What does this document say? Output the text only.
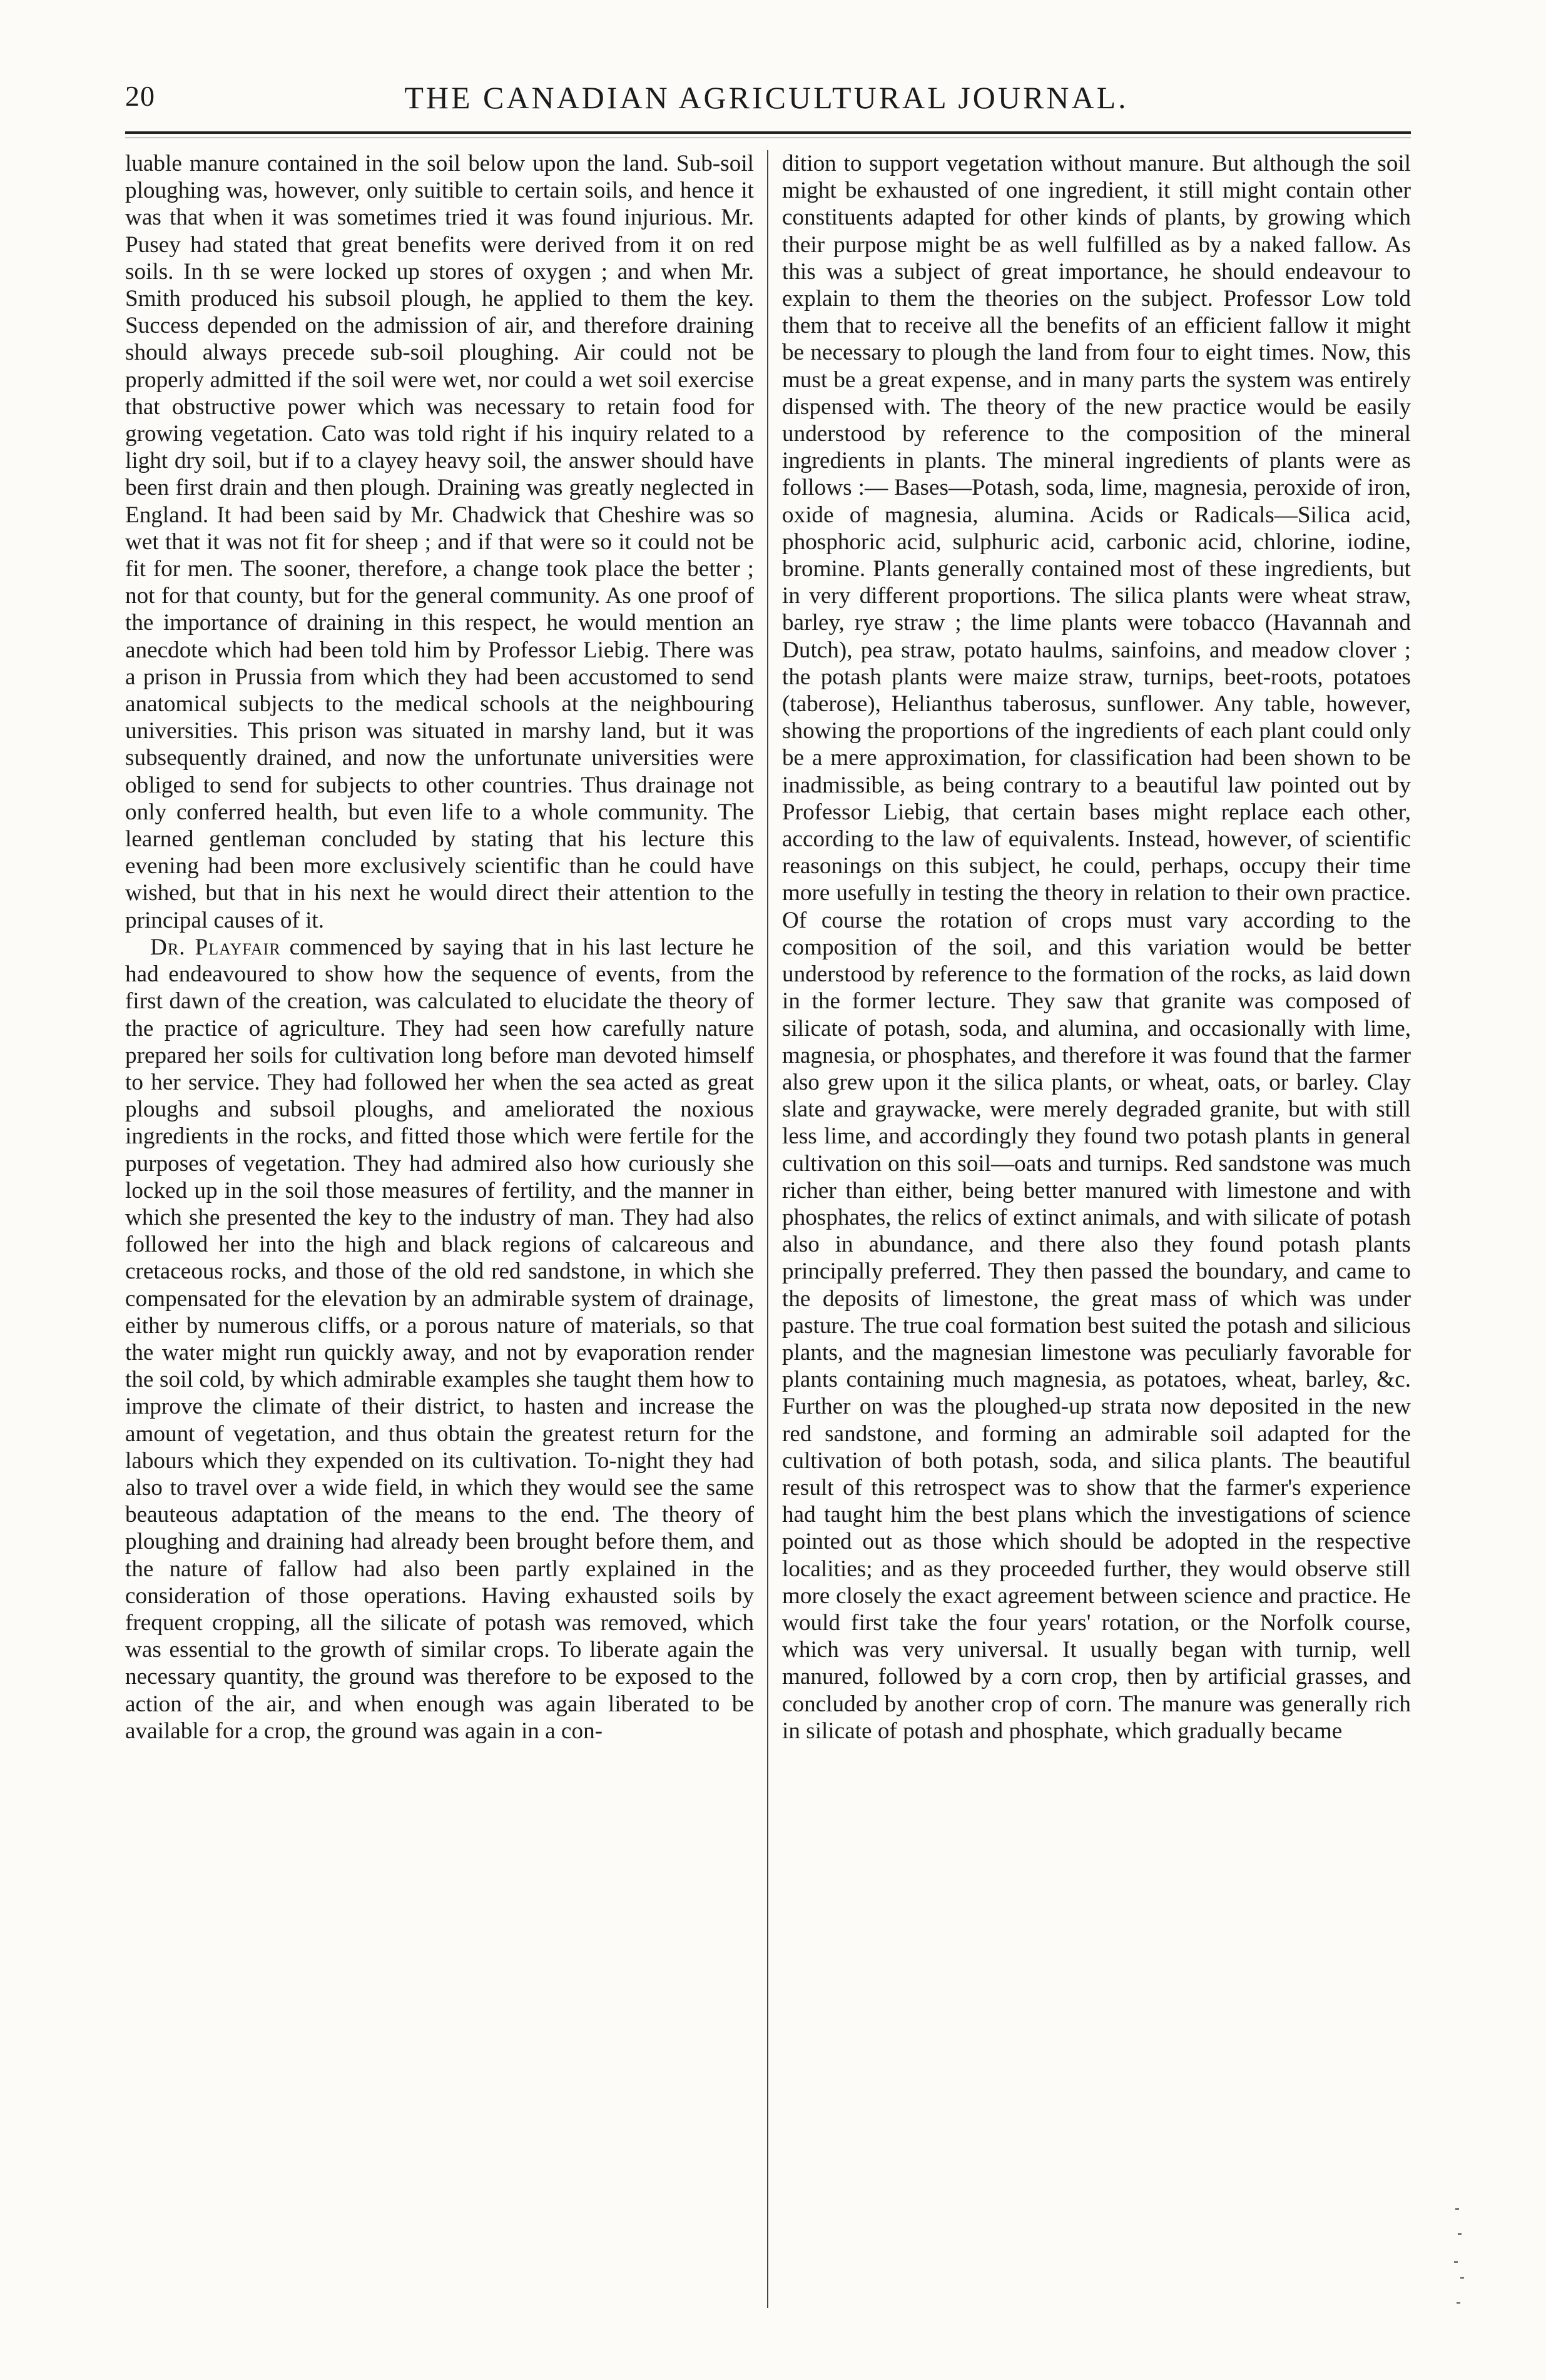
20	THE CANADIAN AGRICULTURAL JOURNAL.

luable manure contained in the soil below upon the land. Sub-soil ploughing was, however, only suitible to certain soils, and hence it was that when it was sometimes tried it was found injurious. Mr. Pusey had stated that great benefits were derived from it on red soils. In th se were locked up stores of oxygen ; and when Mr. Smith produced his subsoil plough, he applied to them the key. Success depended on the admission of air, and therefore draining should always precede sub-soil ploughing. Air could not be properly admitted if the soil were wet, nor could a wet soil exercise that obstructive power which was necessary to retain food for growing vegetation. Cato was told right if his inquiry related to a light dry soil, but if to a clayey heavy soil, the answer should have been first drain and then plough. Draining was greatly neglected in England. It had been said by Mr. Chadwick that Cheshire was so wet that it was not fit for sheep ; and if that were so it could not be fit for men. The sooner, therefore, a change took place the better ; not for that county, but for the general community. As one proof of the importance of draining in this respect, he would mention an anecdote which had been told him by Professor Liebig. There was a prison in Prussia from which they had been accustomed to send anatomical subjects to the medical schools at the neighbouring universities. This prison was situated in marshy land, but it was subsequently drained, and now the unfortunate universities were obliged to send for subjects to other countries. Thus drainage not only conferred health, but even life to a whole community. The learned gentleman concluded by stating that his lecture this evening had been more exclusively scientific than he could have wished, but that in his next he would direct their attention to the principal causes of it.

Dr. Playfair commenced by saying that in his last lecture he had endeavoured to show how the sequence of events, from the first dawn of the creation, was calculated to elucidate the theory of the practice of agriculture. They had seen how carefully nature prepared her soils for cultivation long before man devoted himself to her service. They had followed her when the sea acted as great ploughs and subsoil ploughs, and ameliorated the noxious ingredients in the rocks, and fitted those which were fertile for the purposes of vegetation. They had admired also how curiously she locked up in the soil those measures of fertility, and the manner in which she presented the key to the industry of man. They had also followed her into the high and black regions of calcareous and cretaceous rocks, and those of the old red sandstone, in which she compensated for the elevation by an admirable system of drainage, either by numerous cliffs, or a porous nature of materials, so that the water might run quickly away, and not by evaporation render the soil cold, by which admirable examples she taught them how to improve the climate of their district, to hasten and increase the amount of vegetation, and thus obtain the greatest return for the labours which they expended on its cultivation. To-night they had also to travel over a wide field, in which they would see the same beauteous adaptation of the means to the end. The theory of ploughing and draining had already been brought before them, and the nature of fallow had also been partly explained in the consideration of those operations. Having exhausted soils by frequent cropping, all the silicate of potash was removed, which was essential to the growth of similar crops. To liberate again the necessary quantity, the ground was therefore to be exposed to the action of the air, and when enough was again liberated to be available for a crop, the ground was again in a con-

dition to support vegetation without manure. But although the soil might be exhausted of one ingredient, it still might contain other constituents adapted for other kinds of plants, by growing which their purpose might be as well fulfilled as by a naked fallow. As this was a subject of great importance, he should endeavour to explain to them the theories on the subject. Professor Low told them that to receive all the benefits of an efficient fallow it might be necessary to plough the land from four to eight times. Now, this must be a great expense, and in many parts the system was entirely dispensed with. The theory of the new practice would be easily understood by reference to the composition of the mineral ingredients in plants. The mineral ingredients of plants were as follows :— Bases—Potash, soda, lime, magnesia, peroxide of iron, oxide of magnesia, alumina. Acids or Radicals—Silica acid, phosphoric acid, sulphuric acid, carbonic acid, chlorine, iodine, bromine. Plants generally contained most of these ingredients, but in very different proportions. The silica plants were wheat straw, barley, rye straw ; the lime plants were tobacco (Havannah and Dutch), pea straw, potato haulms, sainfoins, and meadow clover ; the potash plants were maize straw, turnips, beet-roots, potatoes (taberose), Helianthus taberosus, sunflower. Any table, however, showing the proportions of the ingredients of each plant could only be a mere approximation, for classification had been shown to be inadmissible, as being contrary to a beautiful law pointed out by Professor Liebig, that certain bases might replace each other, according to the law of equivalents. Instead, however, of scientific reasonings on this subject, he could, perhaps, occupy their time more usefully in testing the theory in relation to their own practice. Of course the rotation of crops must vary according to the composition of the soil, and this variation would be better understood by reference to the formation of the rocks, as laid down in the former lecture. They saw that granite was composed of silicate of potash, soda, and alumina, and occasionally with lime, magnesia, or phosphates, and therefore it was found that the farmer also grew upon it the silica plants, or wheat, oats, or barley. Clay slate and graywacke, were merely degraded granite, but with still less lime, and accordingly they found two potash plants in general cultivation on this soil—oats and turnips. Red sandstone was much richer than either, being better manured with limestone and with phosphates, the relics of extinct animals, and with silicate of potash also in abundance, and there also they found potash plants principally preferred. They then passed the boundary, and came to the deposits of limestone, the great mass of which was under pasture. The true coal formation best suited the potash and silicious plants, and the magnesian limestone was peculiarly favorable for plants containing much magnesia, as potatoes, wheat, barley, &c. Further on was the ploughed-up strata now deposited in the new red sandstone, and forming an admirable soil adapted for the cultivation of both potash, soda, and silica plants. The beautiful result of this retrospect was to show that the farmer's experience had taught him the best plans which the investigations of science pointed out as those which should be adopted in the respective localities; and as they proceeded further, they would observe still more closely the exact agreement between science and practice. He would first take the four years' rotation, or the Norfolk course, which was very universal. It usually began with turnip, well manured, followed by a corn crop, then by artificial grasses, and concluded by another crop of corn. The manure was generally rich in silicate of potash and phosphate, which gradually became
